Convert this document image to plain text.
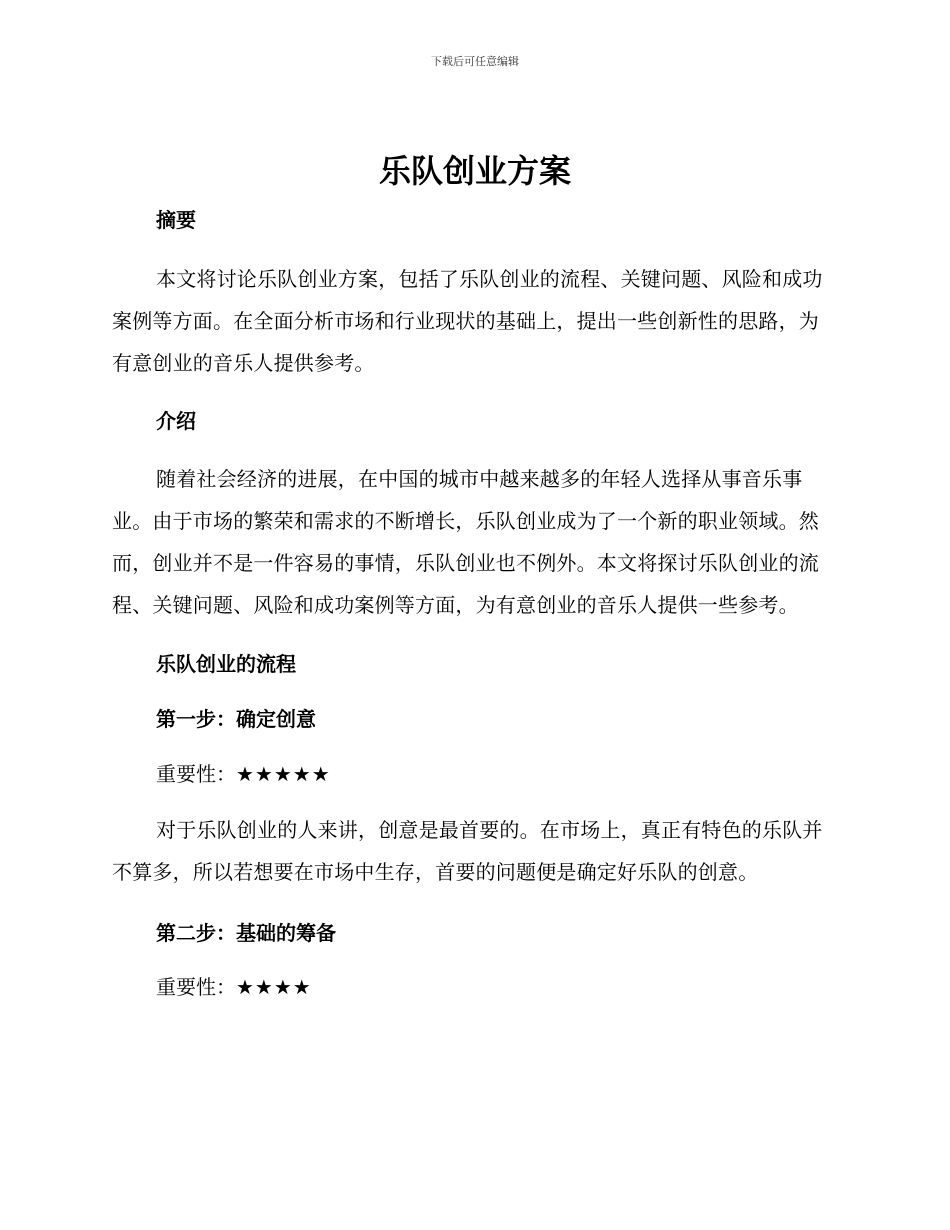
下载后可任意编辑
乐队创业方案

摘要

本文将讨论乐队创业方案，包括了乐队创业的流程、关键问题、风险和成功案例等方面。在全面分析市场和行业现状的基础上，提出一些创新性的思路，为有意创业的音乐人提供参考。

介绍

随着社会经济的进展，在中国的城市中越来越多的年轻人选择从事音乐事业。由于市场的繁荣和需求的不断增长，乐队创业成为了一个新的职业领域。然而，创业并不是一件容易的事情，乐队创业也不例外。本文将探讨乐队创业的流程、关键问题、风险和成功案例等方面，为有意创业的音乐人提供一些参考。

乐队创业的流程

第一步：确定创意

重要性：★★★★★

对于乐队创业的人来讲，创意是最首要的。在市场上，真正有特色的乐队并不算多，所以若想要在市场中生存，首要的问题便是确定好乐队的创意。

第二步：基础的筹备

重要性：★★★★
